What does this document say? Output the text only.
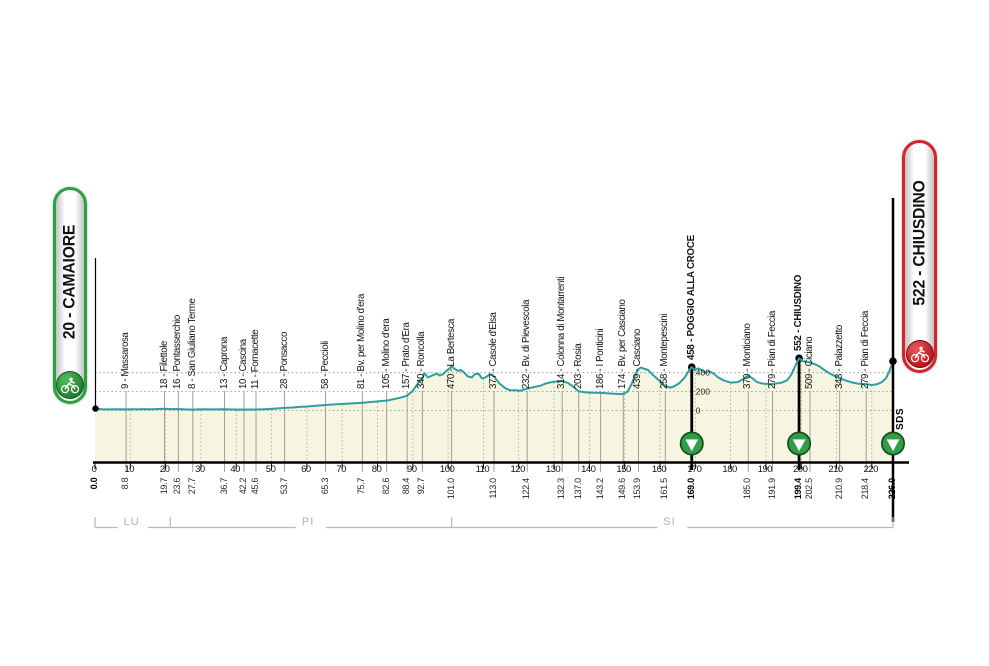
400
200
0
0.0
9 - Massarosa
8.8
18 - Filettole
19.7
16 - Pontasserchio
23.6
8 - San Giuliano Terme
27.7
13 - Caprona
36.7
10 - Cascina
42.2
11 - Fornacette
45.6
28 - Ponsacco
53.7
58 - Peccioli
65.3
81 - Bv. per Molino d'era
75.7
105 - Molino d'era
82.6
157 - Prato d'Era
88.4
340 - Roncolla
92.7
470 - La Bertesca
101.0
377 - Casole d'Elsa
113.0
232 - Bv. di Pievescola
122.4
314 - Colonna di Montarrenti
132.3
203 - Rosia
137.0
186 - I Ponticini
143.2
174 - Bv. per Casciano
149.6
439 - Casciano
153.9
258 - Montepescini
161.5
458 - POGGIO ALLA CROCE
169.0
370 - Monticiano
185.0
279 - Pian di Feccia
191.9
552 - CHIUSDINO
199.4
509 - Ciciano
202.5
343 - Palazzetto
210.9
279 - Pian di Feccia
218.4 226.0
0	10	20	30	40	50	60	70	80	90	100	110	120	130	140	150	160	170	180	190	200	210	220
LU	PI	SI
20 - CAMAIORE	522 - CHIUSDINO
SDS
